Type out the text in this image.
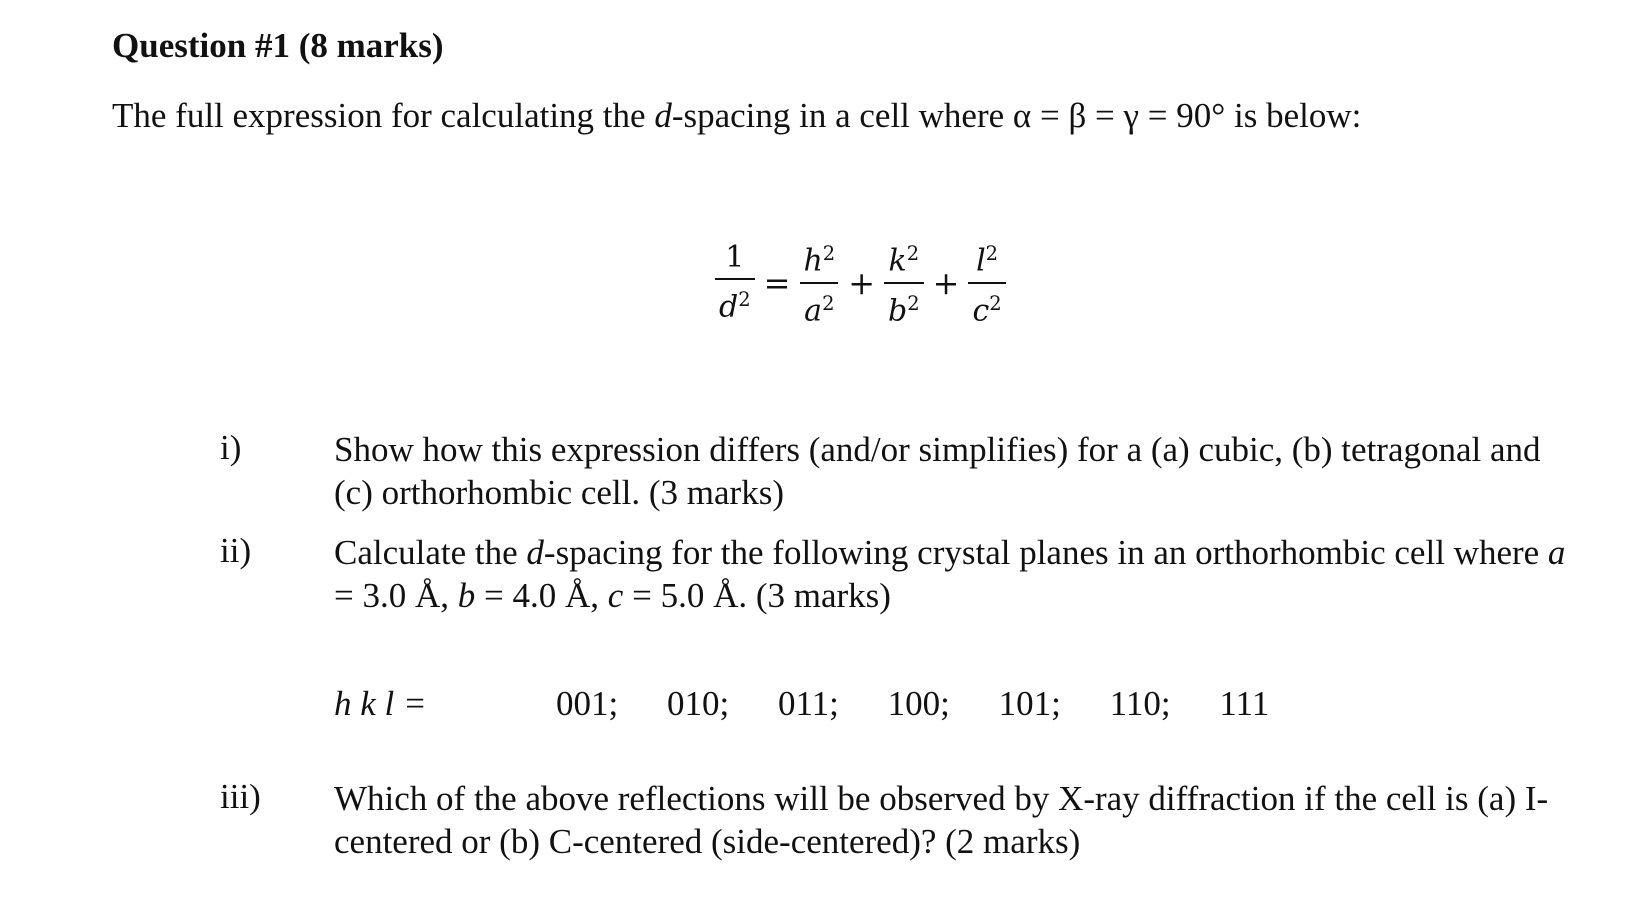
Question #1 (8 marks)
The full expression for calculating the d-spacing in a cell where α = β = γ = 90° is below:
$\frac{1}{d^2} = \frac{h^2}{a^2} + \frac{k^2}{b^2} + \frac{l^2}{c^2}$
i)	Show how this expression differs (and/or simplifies) for a (a) cubic, (b) tetragonal and (c) orthorhombic cell. (3 marks)
ii) Calculate the d-spacing for the following crystal planes in an orthorhombic cell where a = 3.0 Å, b = 4.0 Å, c = 5.0 Å. (3 marks)
h k l =	001; 010; 011; 100; 101; 110; 111
iii) Which of the above reflections will be observed by X-ray diffraction if the cell is (a) I-centered or (b) C-centered (side-centered)? (2 marks)
